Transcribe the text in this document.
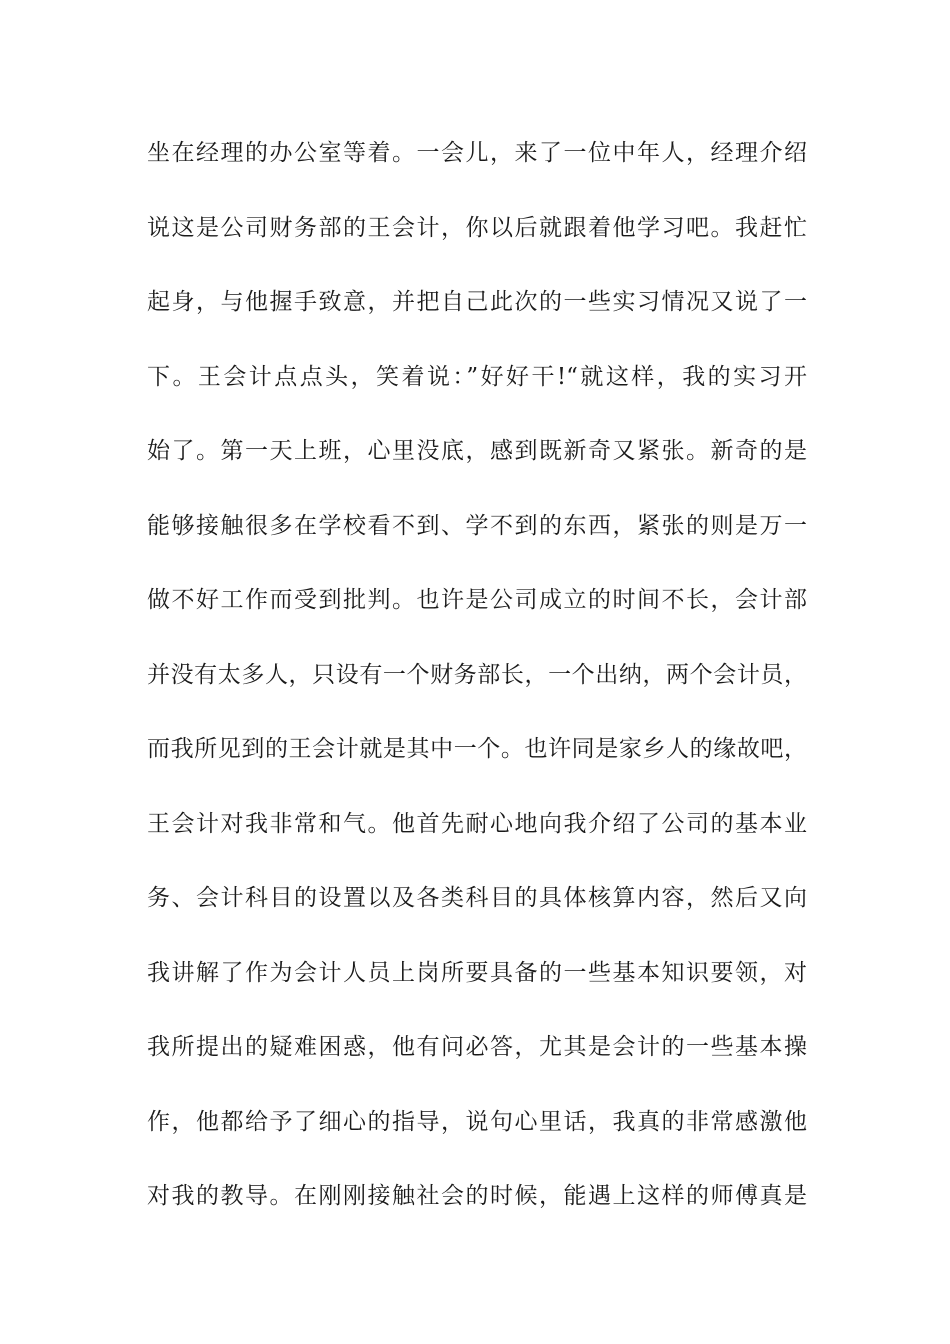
坐在经理的办公室等着。一会儿，来了一位中年人，经理介绍
说这是公司财务部的王会计，你以后就跟着他学习吧。我赶忙
起身，与他握手致意，并把自己此次的一些实习情况又说了一
下。王会计点点头，笑着说：”好好干!“就这样，我的实习开
始了。第一天上班，心里没底，感到既新奇又紧张。新奇的是
能够接触很多在学校看不到、学不到的东西，紧张的则是万一
做不好工作而受到批判。也许是公司成立的时间不长，会计部
并没有太多人，只设有一个财务部长，一个出纳，两个会计员，
而我所见到的王会计就是其中一个。也许同是家乡人的缘故吧，
王会计对我非常和气。他首先耐心地向我介绍了公司的基本业
务、会计科目的设置以及各类科目的具体核算内容，然后又向
我讲解了作为会计人员上岗所要具备的一些基本知识要领，对
我所提出的疑难困惑，他有问必答，尤其是会计的一些基本操
作，他都给予了细心的指导，说句心里话，我真的非常感激他
对我的教导。在刚刚接触社会的时候，能遇上这样的师傅真是
